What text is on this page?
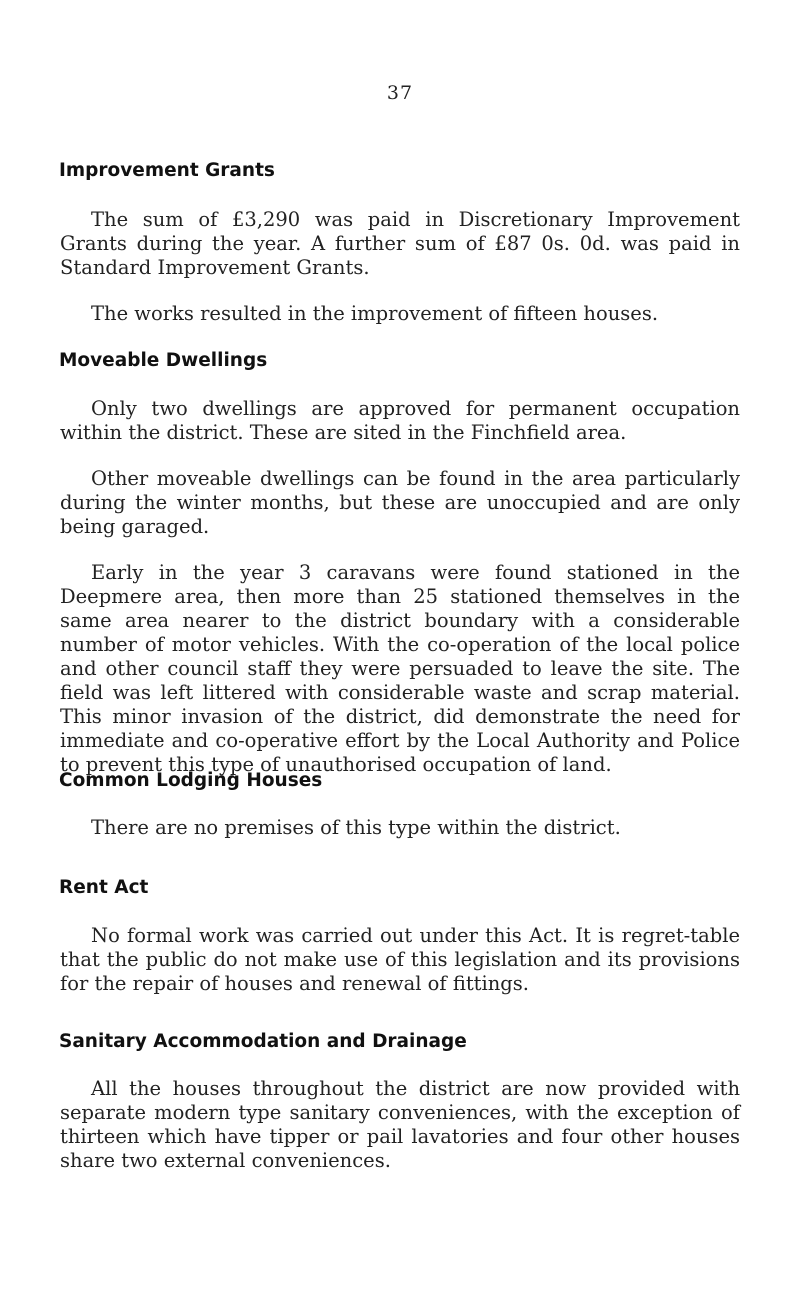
37
Improvement Grants

The sum of £3,290 was paid in Discretionary Improvement Grants during the year. A further sum of £87 0s. 0d. was paid in Standard Improvement Grants.

The works resulted in the improvement of fifteen houses.

Moveable Dwellings

Only two dwellings are approved for permanent occupation within the district. These are sited in the Finchfield area.

Other moveable dwellings can be found in the area particularly during the winter months, but these are unoccupied and are only being garaged.

Early in the year 3 caravans were found stationed in the Deepmere area, then more than 25 stationed themselves in the same area nearer to the district boundary with a considerable number of motor vehicles. With the co-operation of the local police and other council staff they were persuaded to leave the site. The field was left littered with considerable waste and scrap material. This minor invasion of the district, did demonstrate the need for immediate and co-operative effort by the Local Authority and Police to prevent this type of unauthorised occupation of land.

Common Lodging Houses

There are no premises of this type within the district.

Rent Act

No formal work was carried out under this Act. It is regret-table that the public do not make use of this legislation and its provisions for the repair of houses and renewal of fittings.

Sanitary Accommodation and Drainage

All the houses throughout the district are now provided with separate modern type sanitary conveniences, with the exception of thirteen which have tipper or pail lavatories and four other houses share two external conveniences.
